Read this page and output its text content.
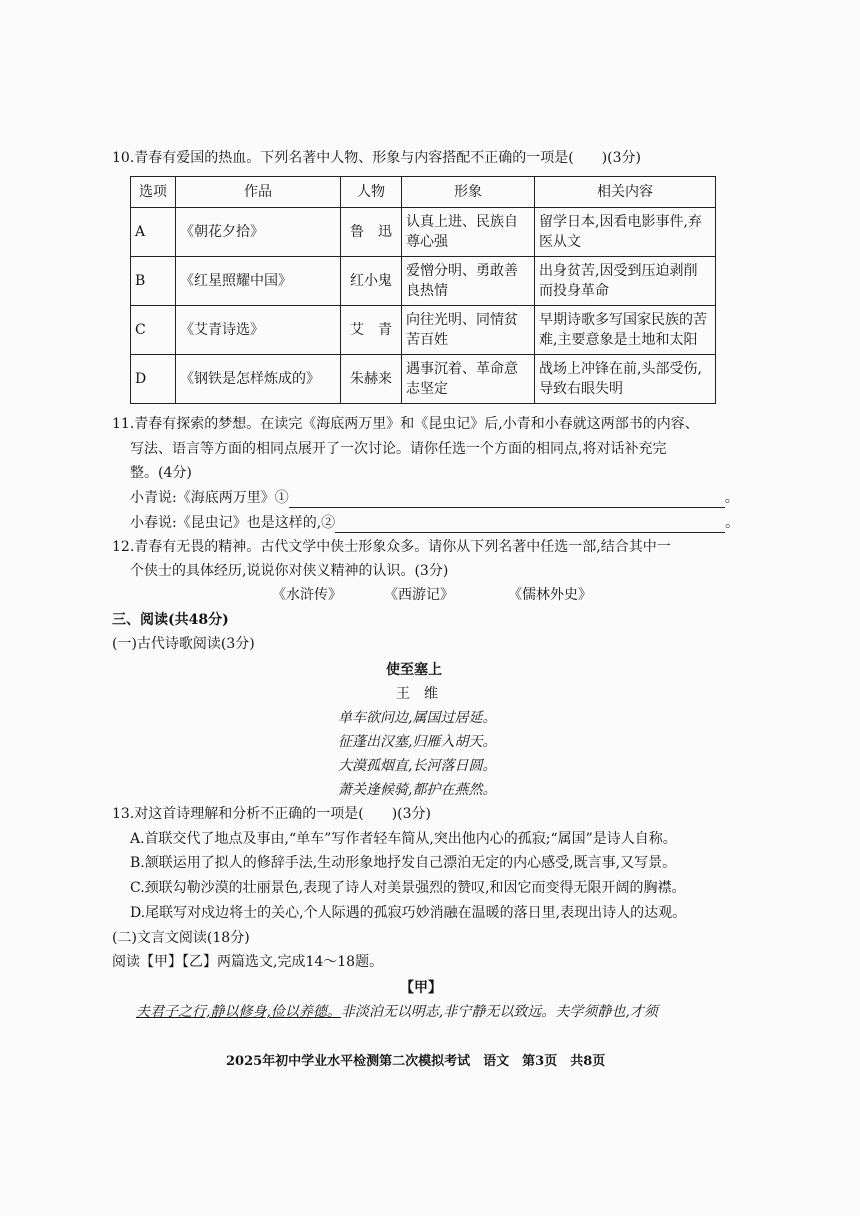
10.青春有爱国的热血。下列名著中人物、形象与内容搭配不正确的一项是(　　)(3分)
选项	作品	人物	形象	相关内容
A	《朝花夕拾》	鲁　迅	认真上进、民族自尊心强	留学日本,因看电影事件,弃医从文
B	《红星照耀中国》	红小鬼	爱憎分明、勇敢善良热情	出身贫苦,因受到压迫剥削而投身革命
C	《艾青诗选》	艾　青	向往光明、同情贫苦百姓	早期诗歌多写国家民族的苦难,主要意象是土地和太阳
D	《钢铁是怎样炼成的》	朱赫来	遇事沉着、革命意志坚定	战场上冲锋在前,头部受伤,导致右眼失明
11.青春有探索的梦想。在读完《海底两万里》和《昆虫记》后,小青和小春就这两部书的内容、
写法、语言等方面的相同点展开了一次讨论。请你任选一个方面的相同点,将对话补充完
整。(4分)
小青说:《海底两万里》①	。
小春说:《昆虫记》也是这样的,②	。
12.青春有无畏的精神。古代文学中侠士形象众多。请你从下列名著中任选一部,结合其中一
个侠士的具体经历,说说你对侠义精神的认识。(3分)
《水浒传》	《西游记》	《儒林外史》
三、阅读(共48分)
(一)古代诗歌阅读(3分)
使至塞上
王　维
单车欲问边,属国过居延。
征蓬出汉塞,归雁入胡天。
大漠孤烟直,长河落日圆。
萧关逢候骑,都护在燕然。
13.对这首诗理解和分析不正确的一项是(　　)(3分)
A.首联交代了地点及事由,“单车”写作者轻车简从,突出他内心的孤寂;“属国”是诗人自称。
B.颔联运用了拟人的修辞手法,生动形象地抒发自己漂泊无定的内心感受,既言事,又写景。
C.颈联勾勒沙漠的壮丽景色,表现了诗人对美景强烈的赞叹,和因它而变得无限开阔的胸襟。
D.尾联写对戍边将士的关心,个人际遇的孤寂巧妙消融在温暖的落日里,表现出诗人的达观。
(二)文言文阅读(18分)
阅读【甲】【乙】两篇选文,完成14～18题。
【甲】
夫君子之行,静以修身,俭以养德。非淡泊无以明志,非宁静无以致远。夫学须静也,才须
2025年初中学业水平检测第二次模拟考试　语文　第3页　共8页
